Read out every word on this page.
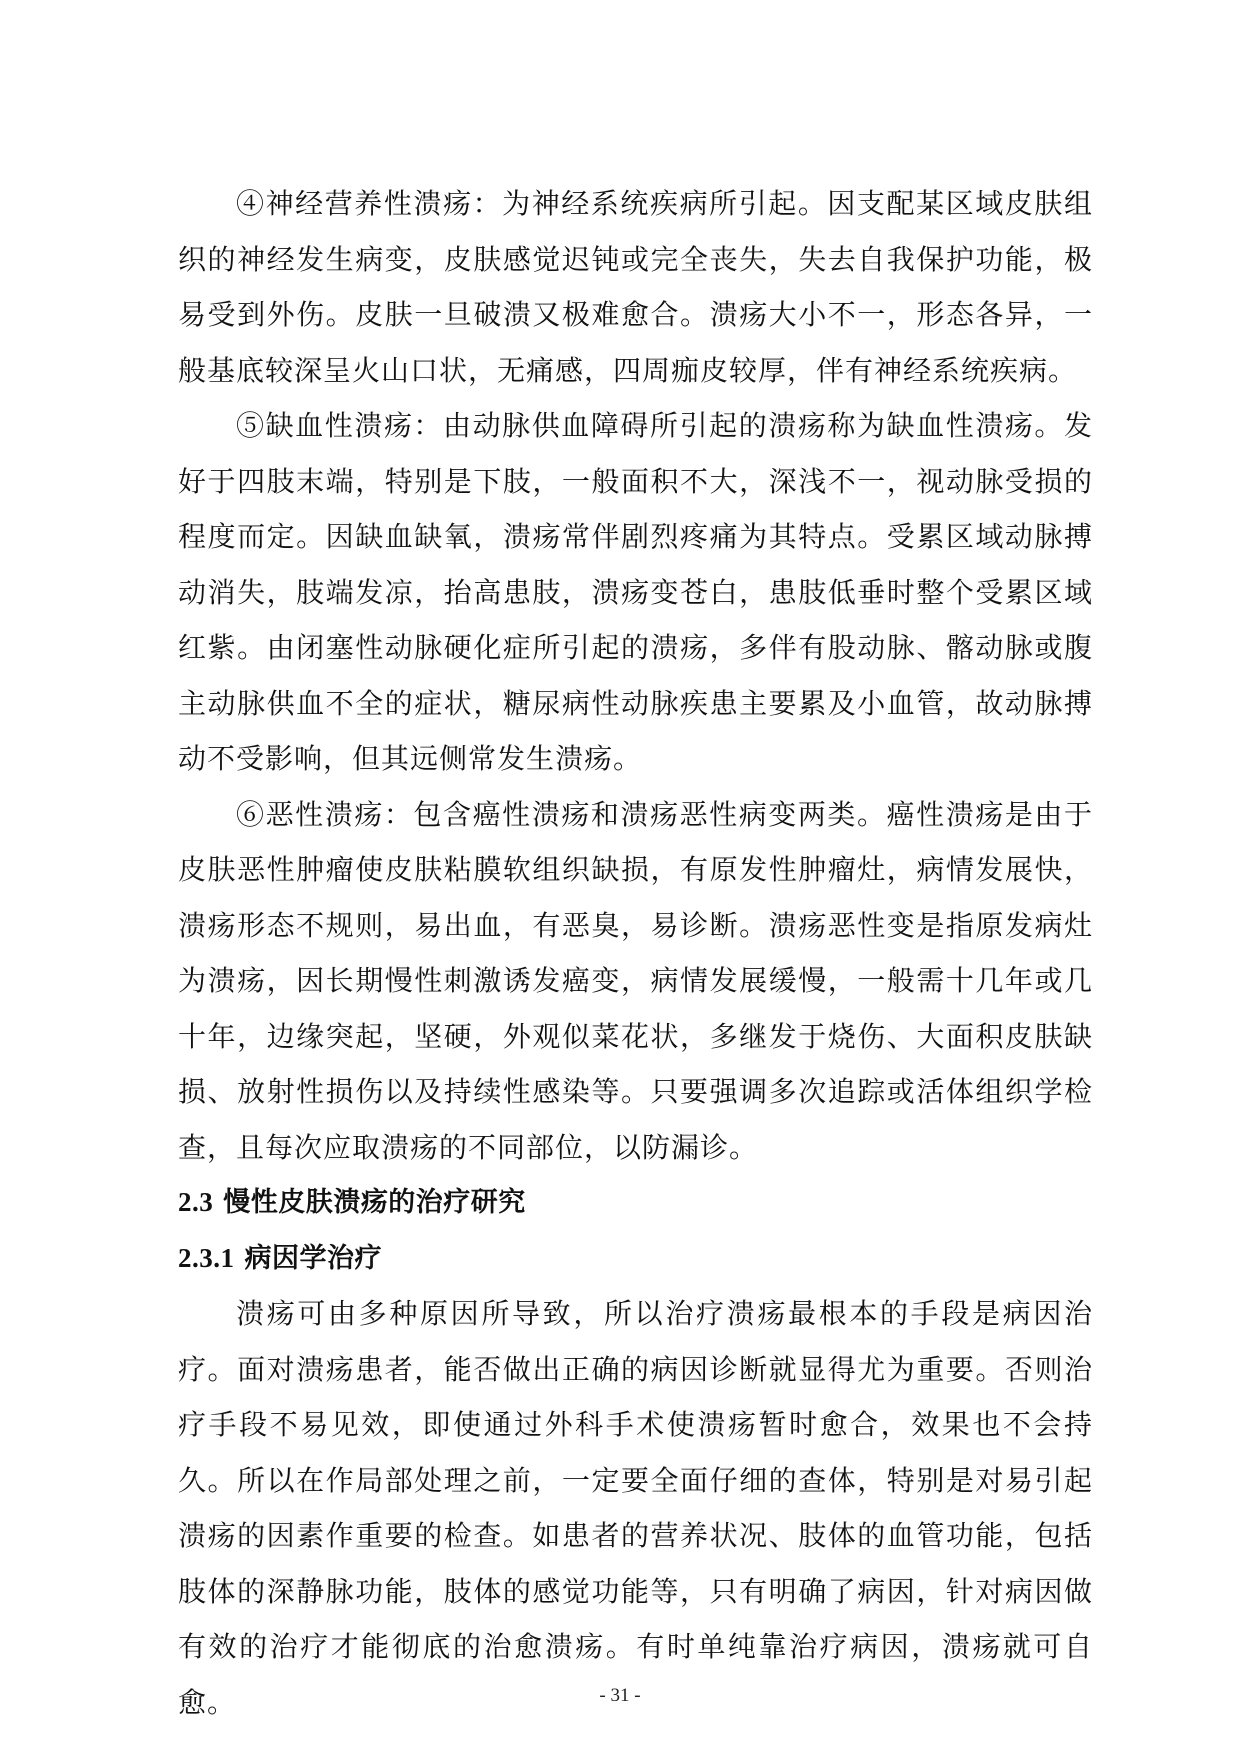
④神经营养性溃疡：为神经系统疾病所引起。因支配某区域皮肤组织的神经发生病变，皮肤感觉迟钝或完全丧失，失去自我保护功能，极易受到外伤。皮肤一旦破溃又极难愈合。溃疡大小不一，形态各异，一般基底较深呈火山口状，无痛感，四周痂皮较厚，伴有神经系统疾病。

⑤缺血性溃疡：由动脉供血障碍所引起的溃疡称为缺血性溃疡。发好于四肢末端，特别是下肢，一般面积不大，深浅不一，视动脉受损的程度而定。因缺血缺氧，溃疡常伴剧烈疼痛为其特点。受累区域动脉搏动消失，肢端发凉，抬高患肢，溃疡变苍白，患肢低垂时整个受累区域红紫。由闭塞性动脉硬化症所引起的溃疡，多伴有股动脉、髂动脉或腹主动脉供血不全的症状，糖尿病性动脉疾患主要累及小血管，故动脉搏动不受影响，但其远侧常发生溃疡。

⑥恶性溃疡：包含癌性溃疡和溃疡恶性病变两类。癌性溃疡是由于皮肤恶性肿瘤使皮肤粘膜软组织缺损，有原发性肿瘤灶，病情发展快，溃疡形态不规则，易出血，有恶臭，易诊断。溃疡恶性变是指原发病灶为溃疡，因长期慢性刺激诱发癌变，病情发展缓慢，一般需十几年或几十年，边缘突起，坚硬，外观似菜花状，多继发于烧伤、大面积皮肤缺损、放射性损伤以及持续性感染等。只要强调多次追踪或活体组织学检查，且每次应取溃疡的不同部位，以防漏诊。

2.3 慢性皮肤溃疡的治疗研究
2.3.1 病因学治疗

溃疡可由多种原因所导致，所以治疗溃疡最根本的手段是病因治疗。面对溃疡患者，能否做出正确的病因诊断就显得尤为重要。否则治疗手段不易见效，即使通过外科手术使溃疡暂时愈合，效果也不会持久。所以在作局部处理之前，一定要全面仔细的查体，特别是对易引起溃疡的因素作重要的检查。如患者的营养状况、肢体的血管功能，包括肢体的深静脉功能，肢体的感觉功能等，只有明确了病因，针对病因做有效的治疗才能彻底的治愈溃疡。有时单纯靠治疗病因，溃疡就可自愈。	- 31 -
